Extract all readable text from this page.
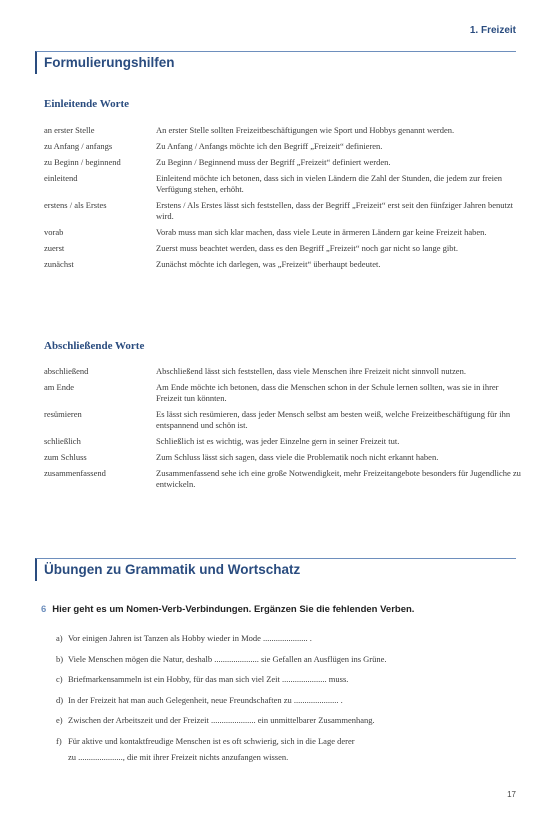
1. Freizeit
Formulierungshilfen
Einleitende Worte
an erster Stelle	An erster Stelle sollten Freizeitbeschäftigungen wie Sport und Hobbys genannt werden.
zu Anfang / anfangs	Zu Anfang / Anfangs möchte ich den Begriff „Freizeit“ definieren.
zu Beginn / beginnend	Zu Beginn / Beginnend muss der Begriff „Freizeit“ definiert werden.
einleitend	Einleitend möchte ich betonen, dass sich in vielen Ländern die Zahl der Stunden, die jedem zur freien Verfügung stehen, erhöht.
erstens / als Erstes	Erstens / Als Erstes lässt sich feststellen, dass der Begriff „Freizeit“ erst seit den fünfziger Jahren benutzt wird.
vorab	Vorab muss man sich klar machen, dass viele Leute in ärmeren Ländern gar keine Freizeit haben.
zuerst	Zuerst muss beachtet werden, dass es den Begriff „Freizeit“ noch gar nicht so lange gibt.
zunächst	Zunächst möchte ich darlegen, was „Freizeit“ überhaupt bedeutet.
Abschließende Worte
abschließend	Abschließend lässt sich feststellen, dass viele Menschen ihre Freizeit nicht sinnvoll nutzen.
am Ende	Am Ende möchte ich betonen, dass die Menschen schon in der Schule lernen sollten, was sie in ihrer Freizeit tun könnten.
resümieren	Es lässt sich resümieren, dass jeder Mensch selbst am besten weiß, welche Freizeitbeschäftigung für ihn entspannend und schön ist.
schließlich	Schließlich ist es wichtig, was jeder Einzelne gern in seiner Freizeit tut.
zum Schluss	Zum Schluss lässt sich sagen, dass viele die Problematik noch nicht erkannt haben.
zusammenfassend	Zusammenfassend sehe ich eine große Notwendigkeit, mehr Freizeitangebote besonders für Jugendliche zu entwickeln.
Übungen zu Grammatik und Wortschatz
6 Hier geht es um Nomen-Verb-Verbindungen. Ergänzen Sie die fehlenden Verben.
a) Vor einigen Jahren ist Tanzen als Hobby wieder in Mode ..................... .
b) Viele Menschen mögen die Natur, deshalb ..................... sie Gefallen an Ausflügen ins Grüne.
c) Briefmarkensammeln ist ein Hobby, für das man sich viel Zeit ..................... muss.
d) In der Freizeit hat man auch Gelegenheit, neue Freundschaften zu ..................... .
e) Zwischen der Arbeitszeit und der Freizeit ..................... ein unmittelbarer Zusammenhang.
f) Für aktive und kontaktfreudige Menschen ist es oft schwierig, sich in die Lage derer
zu ....................., die mit ihrer Freizeit nichts anzufangen wissen.
17
